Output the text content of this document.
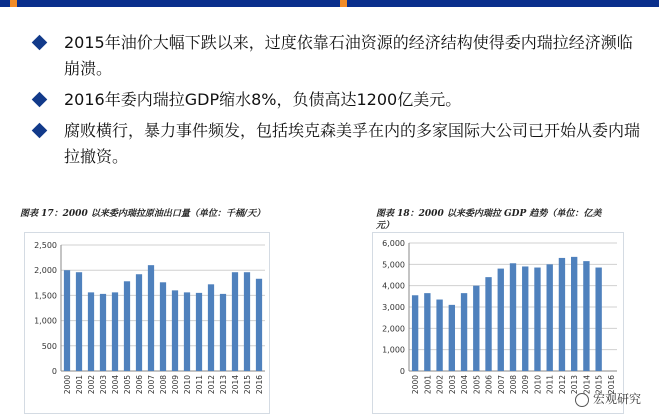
2015年油价大幅下跌以来，过度依靠石油资源的经济结构使得委内瑞拉经济濒临崩溃。
2016年委内瑞拉GDP缩水8%，负债高达1200亿美元。
腐败横行，暴力事件频发，包括埃克森美孚在内的多家国际大公司已开始从委内瑞拉撤资。
图表 17：2000 以来委内瑞拉原油出口量（单位：千桶/天）
0
500
1,000
1,500
2,000
2,500
2000 2001 2002 2003 2004 2005 2006 2007 2008 2009 2010 2011 2012 2013 2014 2015 2016
图表 18：2000 以来委内瑞拉 GDP 趋势（单位：亿美元）
0
1,000
2,000
3,000
4,000
5,000
6,000
2000 2001 2002 2003 2004 2005 2006 2007 2008 2009 2010 2011 2012 2013 2014 2015 2016
宏观研究
